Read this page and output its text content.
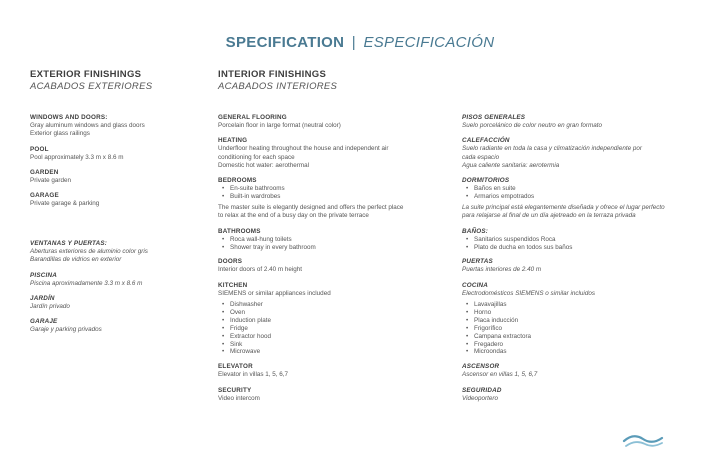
SPECIFICATION | ESPECIFICACIÓN
EXTERIOR FINISHINGS
ACABADOS EXTERIORES
WINDOWS AND DOORS:
Gray aluminum windows and glass doors
Exterior glass railings
POOL
Pool approximately 3.3 m x 8.6 m
GARDEN
Private garden
GARAGE
Private garage & parking
VENTANAS Y PUERTAS:
Aberturas exteriores de aluminio color gris
Barandillas de vidrios en exterior
PISCINA
Piscina aproximadamente 3.3 m x 8.6 m
JARDÍN
Jardín privado
GARAJE
Garaje y parking privados
INTERIOR FINISHINGS
ACABADOS INTERIORES
GENERAL FLOORING
Porcelain floor in large format (neutral color)
HEATING
Underfloor heating throughout the house and independent air
conditioning for each space
Domestic hot water: aerothermal
BEDROOMS
• En-suite bathrooms
• Built-in wardrobes
The master suite is elegantly designed and offers the perfect place
to relax at the end of a busy day on the private terrace
BATHROOMS
• Roca wall-hung toilets
• Shower tray in every bathroom
DOORS
Interior doors of 2.40 m height
KITCHEN
SIEMENS or similar appliances included
• Dishwasher
• Oven
• Induction plate
• Fridge
• Extractor hood
• Sink
• Microwave
ELEVATOR
Elevator in villas 1, 5, 6,7
SECURITY
Video intercom
PISOS GENERALES
Suelo porcelánico de color neutro en gran formato
CALEFACCIÓN
Suelo radiante en toda la casa y climatización independiente por
cada espacio
Agua caliente sanitaria: aerotermia
DORMITORIOS
• Baños en suite
• Armarios empotrados
La suite principal está elegantemente diseñada y ofrece el lugar perfecto
para relajarse al final de un día ajetreado en la terraza privada
BAÑOS:
• Sanitarios suspendidos Roca
• Plato de ducha en todos sus baños
PUERTAS
Puertas interiores de 2.40 m
COCINA
Electrodomésticos SIEMENS o similar incluidos
• Lavavajillas
• Horno
• Placa inducción
• Frigorífico
• Campana extractora
• Fregadero
• Microondas
ASCENSOR
Ascensor en villas 1, 5, 6,7
SEGURIDAD
Videoportero
